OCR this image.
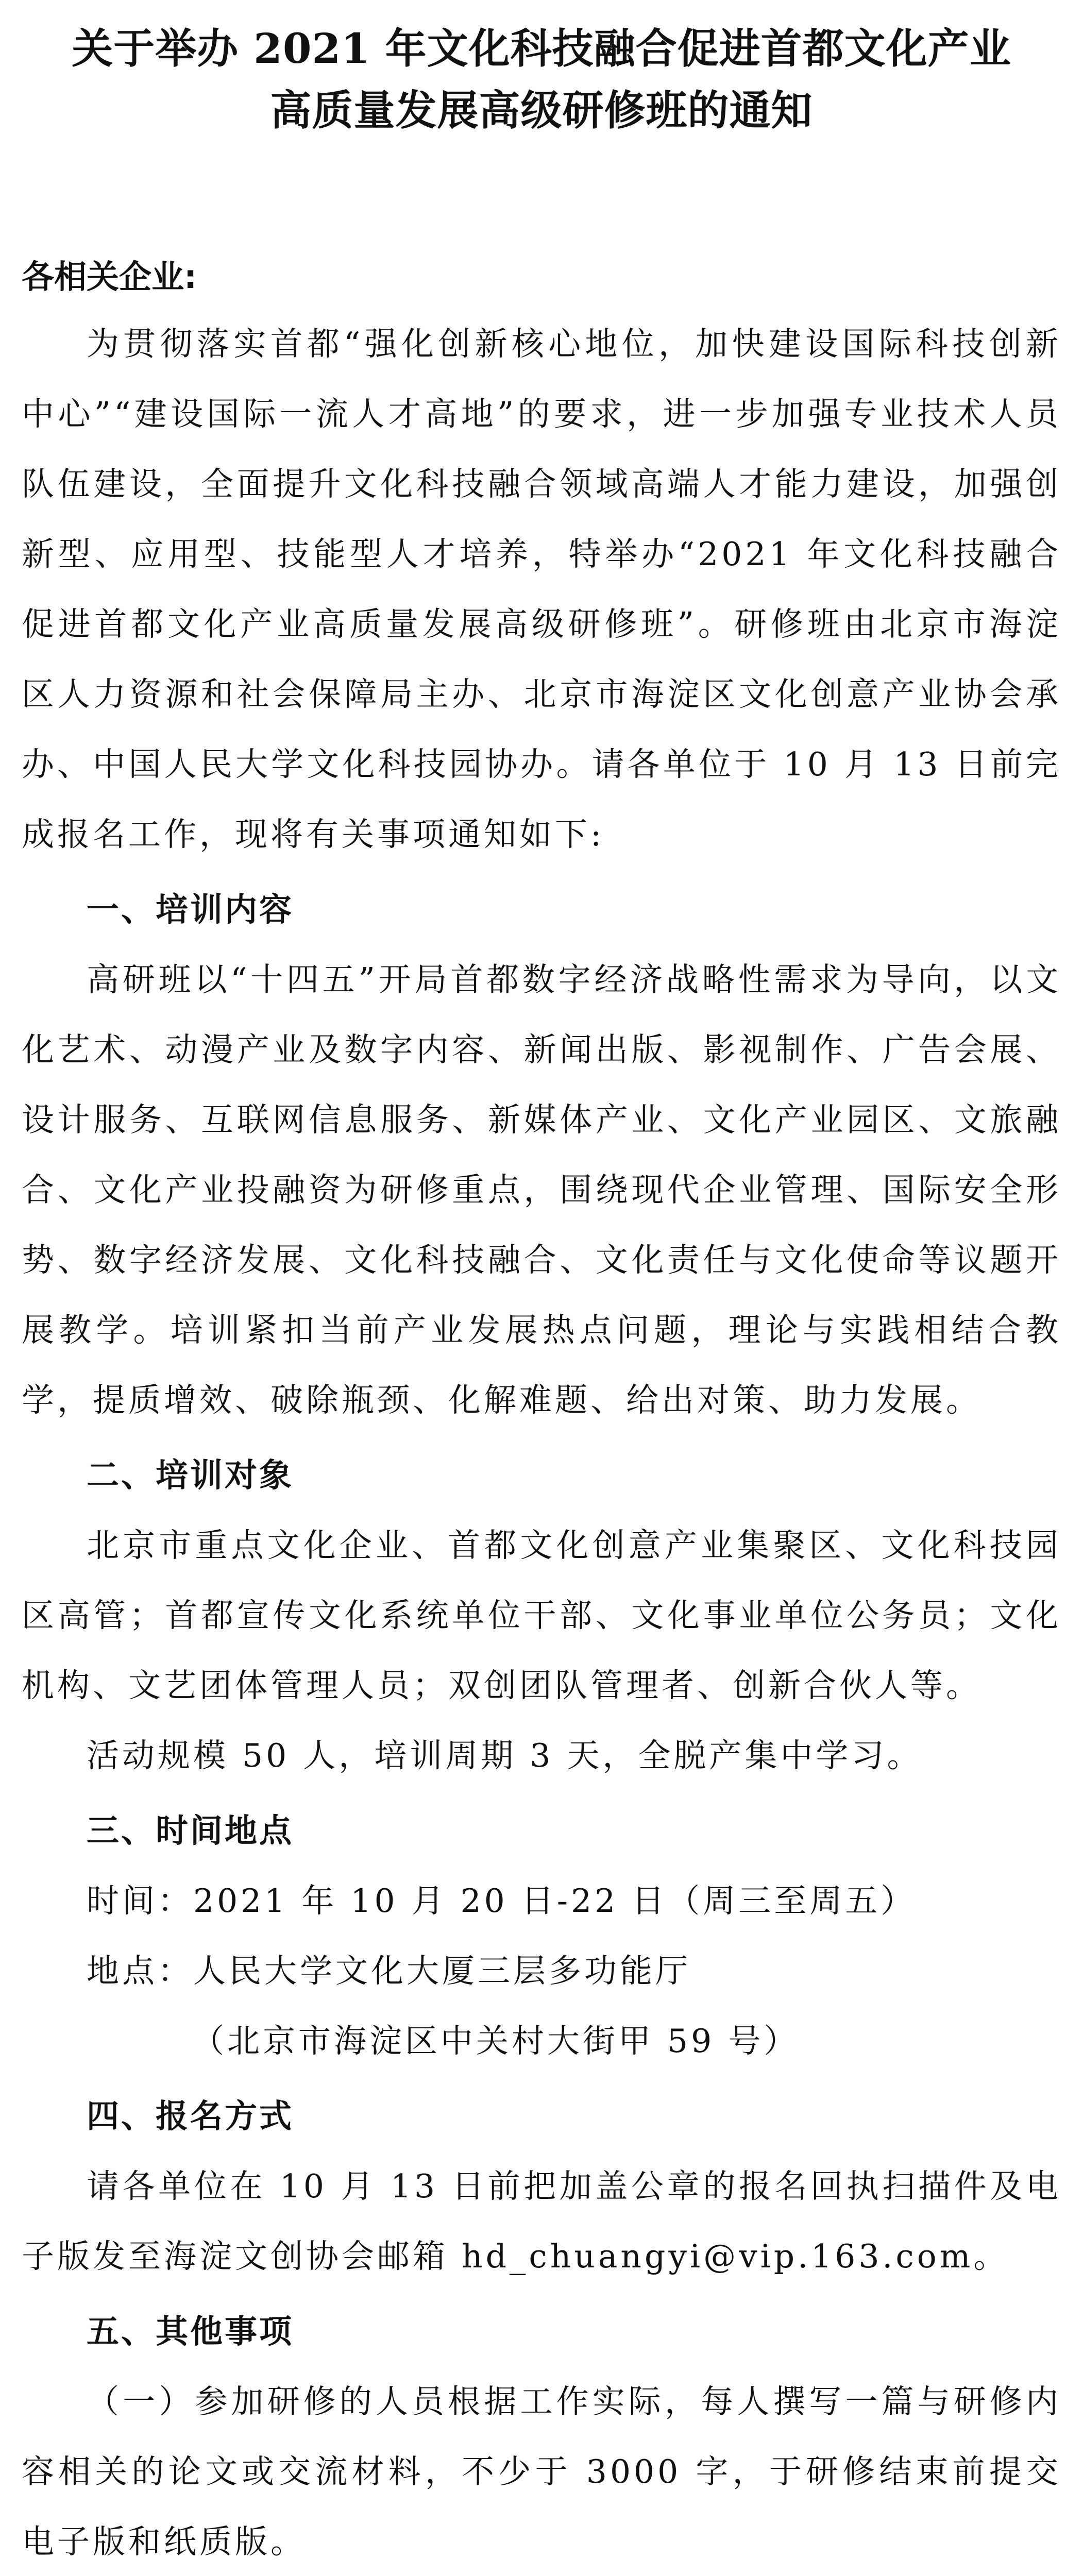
关于举办 2021 年文化科技融合促进首都文化产业
高质量发展高级研修班的通知

各相关企业:

为贯彻落实首都“强化创新核心地位，加快建设国际科技创新中心”“建设国际一流人才高地”的要求，进一步加强专业技术人员队伍建设，全面提升文化科技融合领域高端人才能力建设，加强创新型、应用型、技能型人才培养，特举办“2021 年文化科技融合促进首都文化产业高质量发展高级研修班”。研修班由北京市海淀区人力资源和社会保障局主办、北京市海淀区文化创意产业协会承办、中国人民大学文化科技园协办。请各单位于 10 月 13 日前完成报名工作，现将有关事项通知如下:

一、培训内容

高研班以“十四五”开局首都数字经济战略性需求为导向，以文化艺术、动漫产业及数字内容、新闻出版、影视制作、广告会展、设计服务、互联网信息服务、新媒体产业、文化产业园区、文旅融合、文化产业投融资为研修重点，围绕现代企业管理、国际安全形势、数字经济发展、文化科技融合、文化责任与文化使命等议题开展教学。培训紧扣当前产业发展热点问题，理论与实践相结合教学，提质增效、破除瓶颈、化解难题、给出对策、助力发展。

二、培训对象

北京市重点文化企业、首都文化创意产业集聚区、文化科技园区高管；首都宣传文化系统单位干部、文化事业单位公务员；文化机构、文艺团体管理人员；双创团队管理者、创新合伙人等。

活动规模 50 人，培训周期 3 天，全脱产集中学习。

三、时间地点

时间：2021 年 10 月 20 日-22 日（周三至周五）

地点：人民大学文化大厦三层多功能厅

（北京市海淀区中关村大街甲 59 号）

四、报名方式

请各单位在 10 月 13 日前把加盖公章的报名回执扫描件及电子版发至海淀文创协会邮箱 hd_chuangyi@vip.163.com。

五、其他事项

（一）参加研修的人员根据工作实际，每人撰写一篇与研修内容相关的论文或交流材料，不少于 3000 字，于研修结束前提交电子版和纸质版。
